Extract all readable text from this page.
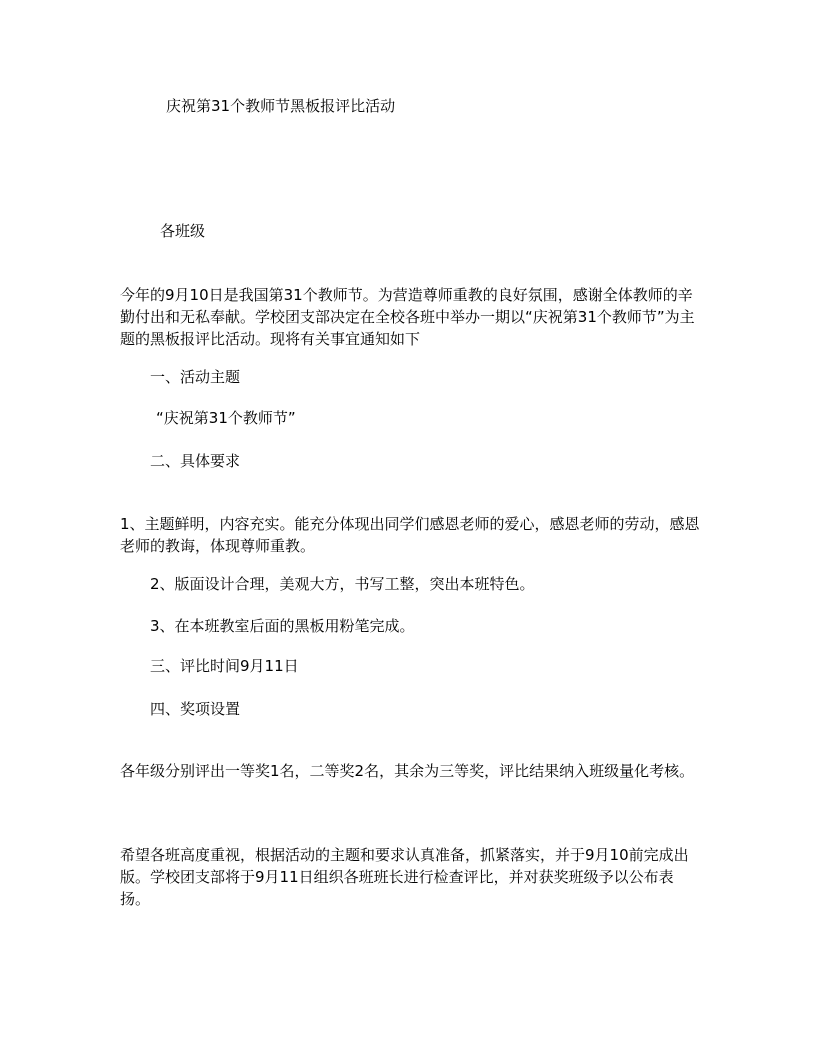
庆祝第31个教师节黑板报评比活动
各班级
今年的9月10日是我国第31个教师节。为营造尊师重教的良好氛围，感谢全体教师的辛勤付出和无私奉献。学校团支部决定在全校各班中举办一期以“庆祝第31个教师节”为主题的黑板报评比活动。现将有关事宜通知如下
一、活动主题
“庆祝第31个教师节”
二、具体要求
1、主题鲜明，内容充实。能充分体现出同学们感恩老师的爱心，感恩老师的劳动，感恩老师的教诲，体现尊师重教。
2、版面设计合理，美观大方，书写工整，突出本班特色。
3、在本班教室后面的黑板用粉笔完成。
三、评比时间9月11日
四、奖项设置
各年级分别评出一等奖1名，二等奖2名，其余为三等奖，评比结果纳入班级量化考核。
希望各班高度重视，根据活动的主题和要求认真准备，抓紧落实，并于9月10前完成出版。学校团支部将于9月11日组织各班班长进行检查评比，并对获奖班级予以公布表扬。
